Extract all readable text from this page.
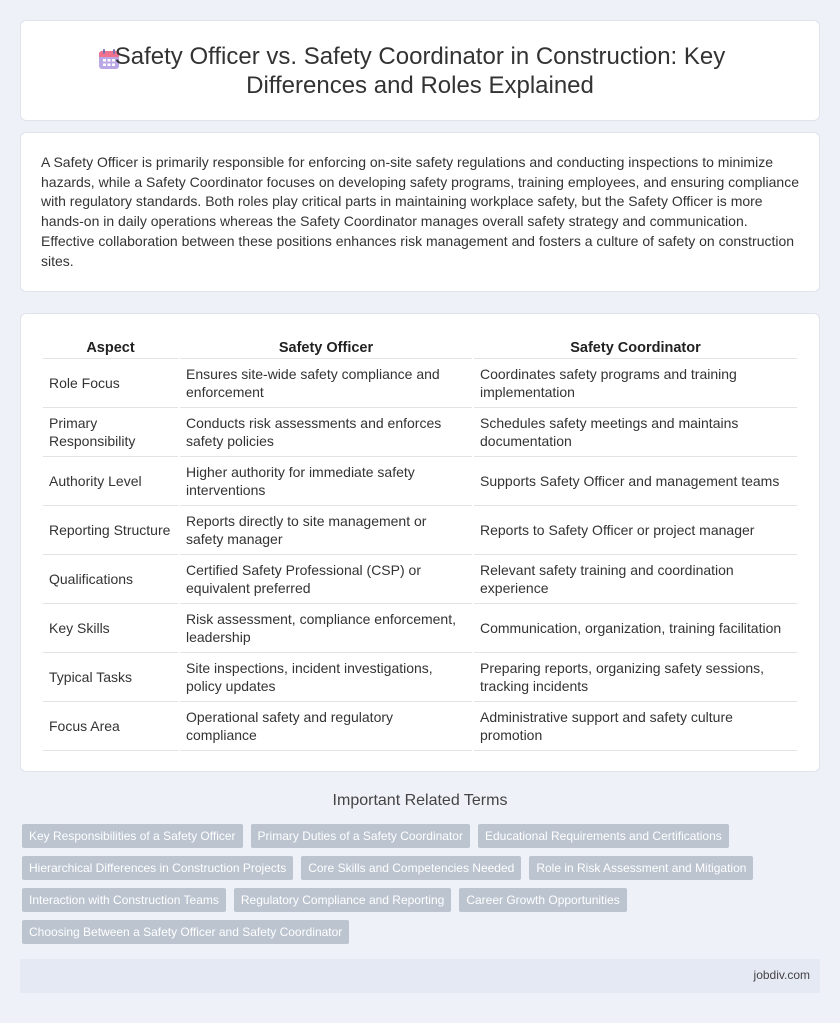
Safety Officer vs. Safety Coordinator in Construction: Key Differences and Roles Explained

A Safety Officer is primarily responsible for enforcing on-site safety regulations and conducting inspections to minimize hazards, while a Safety Coordinator focuses on developing safety programs, training employees, and ensuring compliance with regulatory standards. Both roles play critical parts in maintaining workplace safety, but the Safety Officer is more hands-on in daily operations whereas the Safety Coordinator manages overall safety strategy and communication. Effective collaboration between these positions enhances risk management and fosters a culture of safety on construction sites.

Aspect	Safety Officer	Safety Coordinator
Role Focus	Ensures site-wide safety compliance and enforcement	Coordinates safety programs and training implementation
Primary Responsibility	Conducts risk assessments and enforces safety policies	Schedules safety meetings and maintains documentation
Authority Level	Higher authority for immediate safety interventions	Supports Safety Officer and management teams
Reporting Structure	Reports directly to site management or safety manager	Reports to Safety Officer or project manager
Qualifications	Certified Safety Professional (CSP) or equivalent preferred	Relevant safety training and coordination experience
Key Skills	Risk assessment, compliance enforcement, leadership	Communication, organization, training facilitation
Typical Tasks	Site inspections, incident investigations, policy updates	Preparing reports, organizing safety sessions, tracking incidents
Focus Area	Operational safety and regulatory compliance	Administrative support and safety culture promotion
Important Related Terms
Key Responsibilities of a Safety Officer	Primary Duties of a Safety Coordinator	Educational Requirements and Certifications
Hierarchical Differences in Construction Projects	Core Skills and Competencies Needed	Role in Risk Assessment and Mitigation
Interaction with Construction Teams	Regulatory Compliance and Reporting	Career Growth Opportunities
Choosing Between a Safety Officer and Safety Coordinator
jobdiv.com
